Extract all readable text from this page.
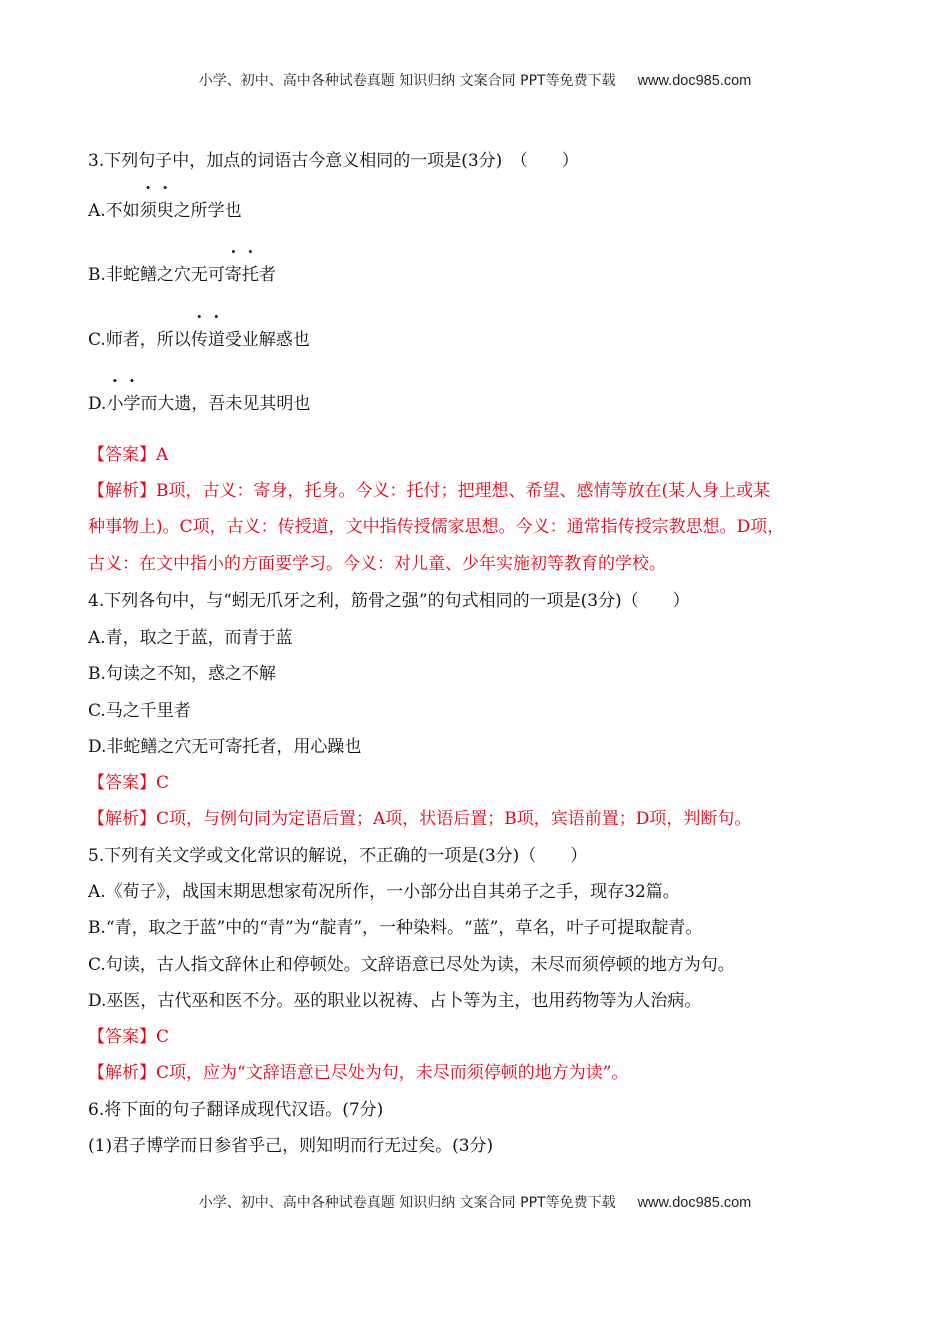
小学、初中、高中各种试卷真题 知识归纳 文案合同 PPT等免费下载 www.doc985.com
3.下列句子中，加点的词语古今意义相同的一项是(3分)　（　　）
A.不如须臾之所学也
B.非蛇鳝之穴无可寄托者
C.师者，所以传道受业解惑也
D.小学而大遗，吾未见其明也
【答案】A
【解析】B项，古义：寄身，托身。今义：托付；把理想、希望、感情等放在(某人身上或某
种事物上)。C项，古义：传授道，文中指传授儒家思想。今义：通常指传授宗教思想。D项，
古义：在文中指小的方面要学习。今义：对儿童、少年实施初等教育的学校。
4.下列各句中，与“蚓无爪牙之利，筋骨之强”的句式相同的一项是(3分)（　　）
A.青，取之于蓝，而青于蓝
B.句读之不知，惑之不解
C.马之千里者
D.非蛇鳝之穴无可寄托者，用心躁也
【答案】C
【解析】C项，与例句同为定语后置；A项，状语后置；B项，宾语前置；D项，判断句。
5.下列有关文学或文化常识的解说，不正确的一项是(3分)（　　）
A.《荀子》，战国末期思想家荀况所作，一小部分出自其弟子之手，现存32篇。
B.“青，取之于蓝”中的“青”为“靛青”，一种染料。“蓝”，草名，叶子可提取靛青。
C.句读，古人指文辞休止和停顿处。文辞语意已尽处为读，未尽而须停顿的地方为句。
D.巫医，古代巫和医不分。巫的职业以祝祷、占卜等为主，也用药物等为人治病。
【答案】C
【解析】C项，应为“文辞语意已尽处为句，未尽而须停顿的地方为读”。
6.将下面的句子翻译成现代汉语。(7分)
(1)君子博学而日参省乎己，则知明而行无过矣。(3分)
小学、初中、高中各种试卷真题 知识归纳 文案合同 PPT等免费下载 www.doc985.com
